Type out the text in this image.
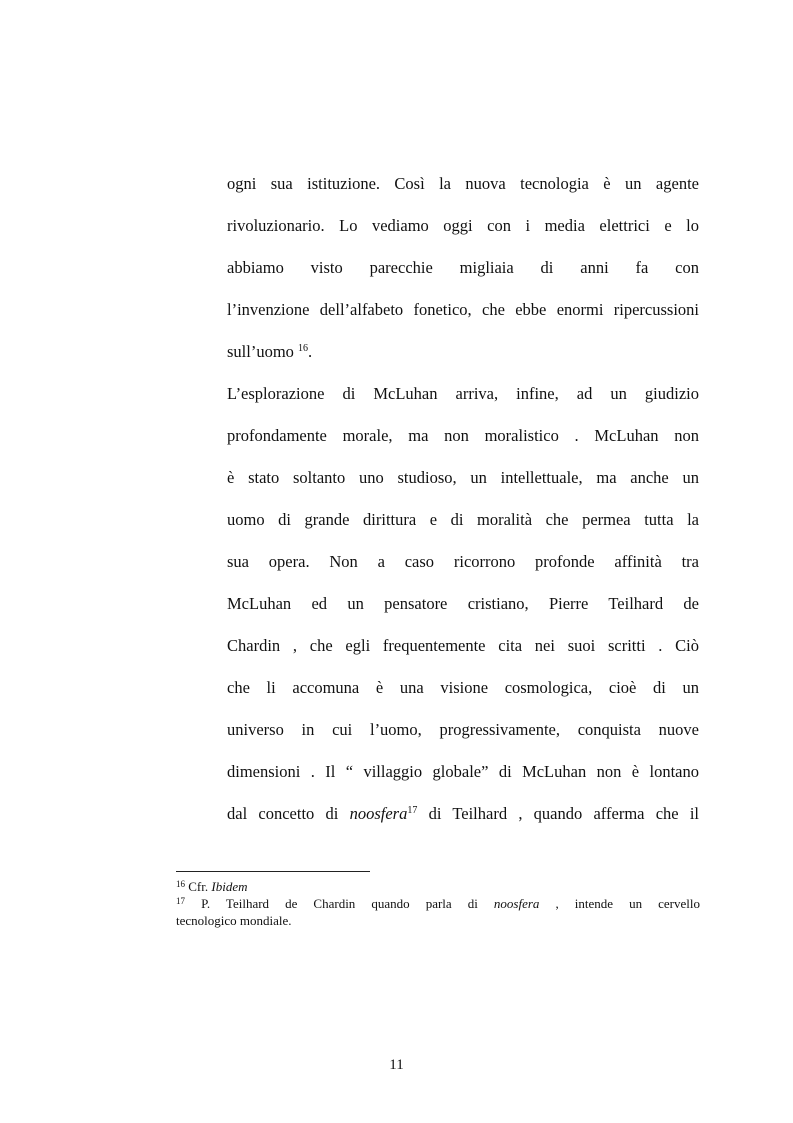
ogni sua istituzione. Così la nuova tecnologia è un agente
rivoluzionario. Lo vediamo oggi con i media elettrici e lo
abbiamo visto parecchie migliaia di anni fa con
l’invenzione dell’alfabeto fonetico, che ebbe enormi ripercussioni
sull’uomo $^{16}$.
L’esplorazione di McLuhan arriva, infine, ad un giudizio
profondamente morale, ma non moralistico . McLuhan non
è stato soltanto uno studioso, un intellettuale, ma anche un
uomo di grande dirittura e di moralità che permea tutta la
sua opera. Non a caso ricorrono profonde affinità tra
McLuhan ed un pensatore cristiano, Pierre Teilhard de
Chardin , che egli frequentemente cita nei suoi scritti . Ciò
che li accomuna è una visione cosmologica, cioè di un
universo in cui l’uomo, progressivamente, conquista nuove
dimensioni . Il “ villaggio globale” di McLuhan non è lontano
dal concetto di noosfera$^{17}$ di Teilhard , quando afferma che il
$^{16}$ Cfr. Ibidem
$^{17}$ P. Teilhard de Chardin quando parla di noosfera , intende un cervello
tecnologico mondiale.
11
